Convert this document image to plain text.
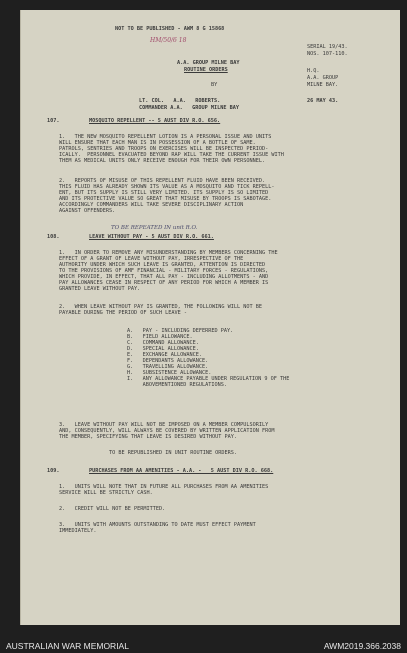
NOT TO BE PUBLISHED - AWM 8 G 15868
HM/50/6 18
SERIAL 19/43.
NOS. 107-110.
A.A. GROUP MILNE BAY
ROUTINE ORDERS	H.Q.
A.A. GROUP
MILNE BAY.
BY
LT. COL.   A.A.   ROBERTS.
COMMANDER A.A.   GROUP MILNE BAY
26 MAY 43.
107.	MOSQUITO REPELLENT -- 5 AUST DIV R.O. 656.
1.   THE NEW MOSQUITO REPELLENT LOTION IS A PERSONAL ISSUE AND UNITS
WILL ENSURE THAT EACH MAN IS IN POSSESSION OF A BOTTLE OF SAME.
PATROLS, SENTRIES AND TROOPS ON EXERCISES WILL BE INSPECTED PERIOD-
ICALLY.  PERSONNEL EVACUATED BEYOND RAP WILL TAKE THE CURRENT ISSUE WITH
THEM AS MEDICAL UNITS ONLY RECEIVE ENOUGH FOR THEIR OWN PERSONNEL.
2.   REPORTS OF MISUSE OF THIS REPELLENT FLUID HAVE BEEN RECEIVED.
THIS FLUID HAS ALREADY SHOWN ITS VALUE AS A MOSQUITO AND TICK REPELL-
ENT, BUT ITS SUPPLY IS STILL VERY LIMITED. ITS SUPPLY IS SO LIMITED
AND ITS PROTECTIVE VALUE SO GREAT THAT MISUSE BY TROOPS IS SABOTAGE.
ACCORDINGLY COMMANDERS WILL TAKE SEVERE DISCIPLINARY ACTION
AGAINST OFFENDERS.
TO BE REPEATED IN unit R.O.
108.	LEAVE WITHOUT PAY - 5 AUST DIV R.O. 661.
1.   IN ORDER TO REMOVE ANY MISUNDERSTANDING BY MEMBERS CONCERNING THE
EFFECT OF A GRANT OF LEAVE WITHOUT PAY, IRRESPECTIVE OF THE
AUTHORITY UNDER WHICH SUCH LEAVE IS GRANTED, ATTENTION IS DIRECTED
TO THE PROVISIONS OF AMF FINANCIAL - MILITARY FORCES - REGULATIONS,
WHICH PROVIDE, IN EFFECT, THAT ALL PAY - INCLUDING ALLOTMENTS - AND
PAY ALLOWANCES CEASE IN RESPECT OF ANY PERIOD FOR WHICH A MEMBER IS
GRANTED LEAVE WITHOUT PAY.
2.   WHEN LEAVE WITHOUT PAY IS GRANTED, THE FOLLOWING WILL NOT BE
PAYABLE DURING THE PERIOD OF SUCH LEAVE -
A.   PAY - INCLUDING DEFERRED PAY.
B.   FIELD ALLOWANCE.
C.   COMMAND ALLOWANCE.
D.   SPECIAL ALLOWANCE.
E.   EXCHANGE ALLOWANCE.
F.   DEPENDANTS ALLOWANCE.
G.   TRAVELLING ALLOWANCE.
H.   SUBSISTENCE ALLOWANCE.
I.   ANY ALLOWANCE PAYABLE UNDER REGULATION 9 OF THE
ABOVEMENTIONED REGULATIONS.
3.   LEAVE WITHOUT PAY WILL NOT BE IMPOSED ON A MEMBER COMPULSORILY
AND, CONSEQUENTLY, WILL ALWAYS BE COVERED BY WRITTEN APPLICATION FROM
THE MEMBER, SPECIFYING THAT LEAVE IS DESIRED WITHOUT PAY.
TO BE REPUBLISHED IN UNIT ROUTINE ORDERS.
109.	PURCHASES FROM AA AMENITIES - A.A. -   5 AUST DIV R.O. 668.
1.   UNITS WILL NOTE THAT IN FUTURE ALL PURCHASES FROM AA AMENITIES
SERVICE WILL BE STRICTLY CASH.
2.   CREDIT WILL NOT BE PERMITTED.
3.   UNITS WITH AMOUNTS OUTSTANDING TO DATE MUST EFFECT PAYMENT
IMMEDIATELY.
AUSTRALIAN WAR MEMORIAL	AWM2019.366.2038
